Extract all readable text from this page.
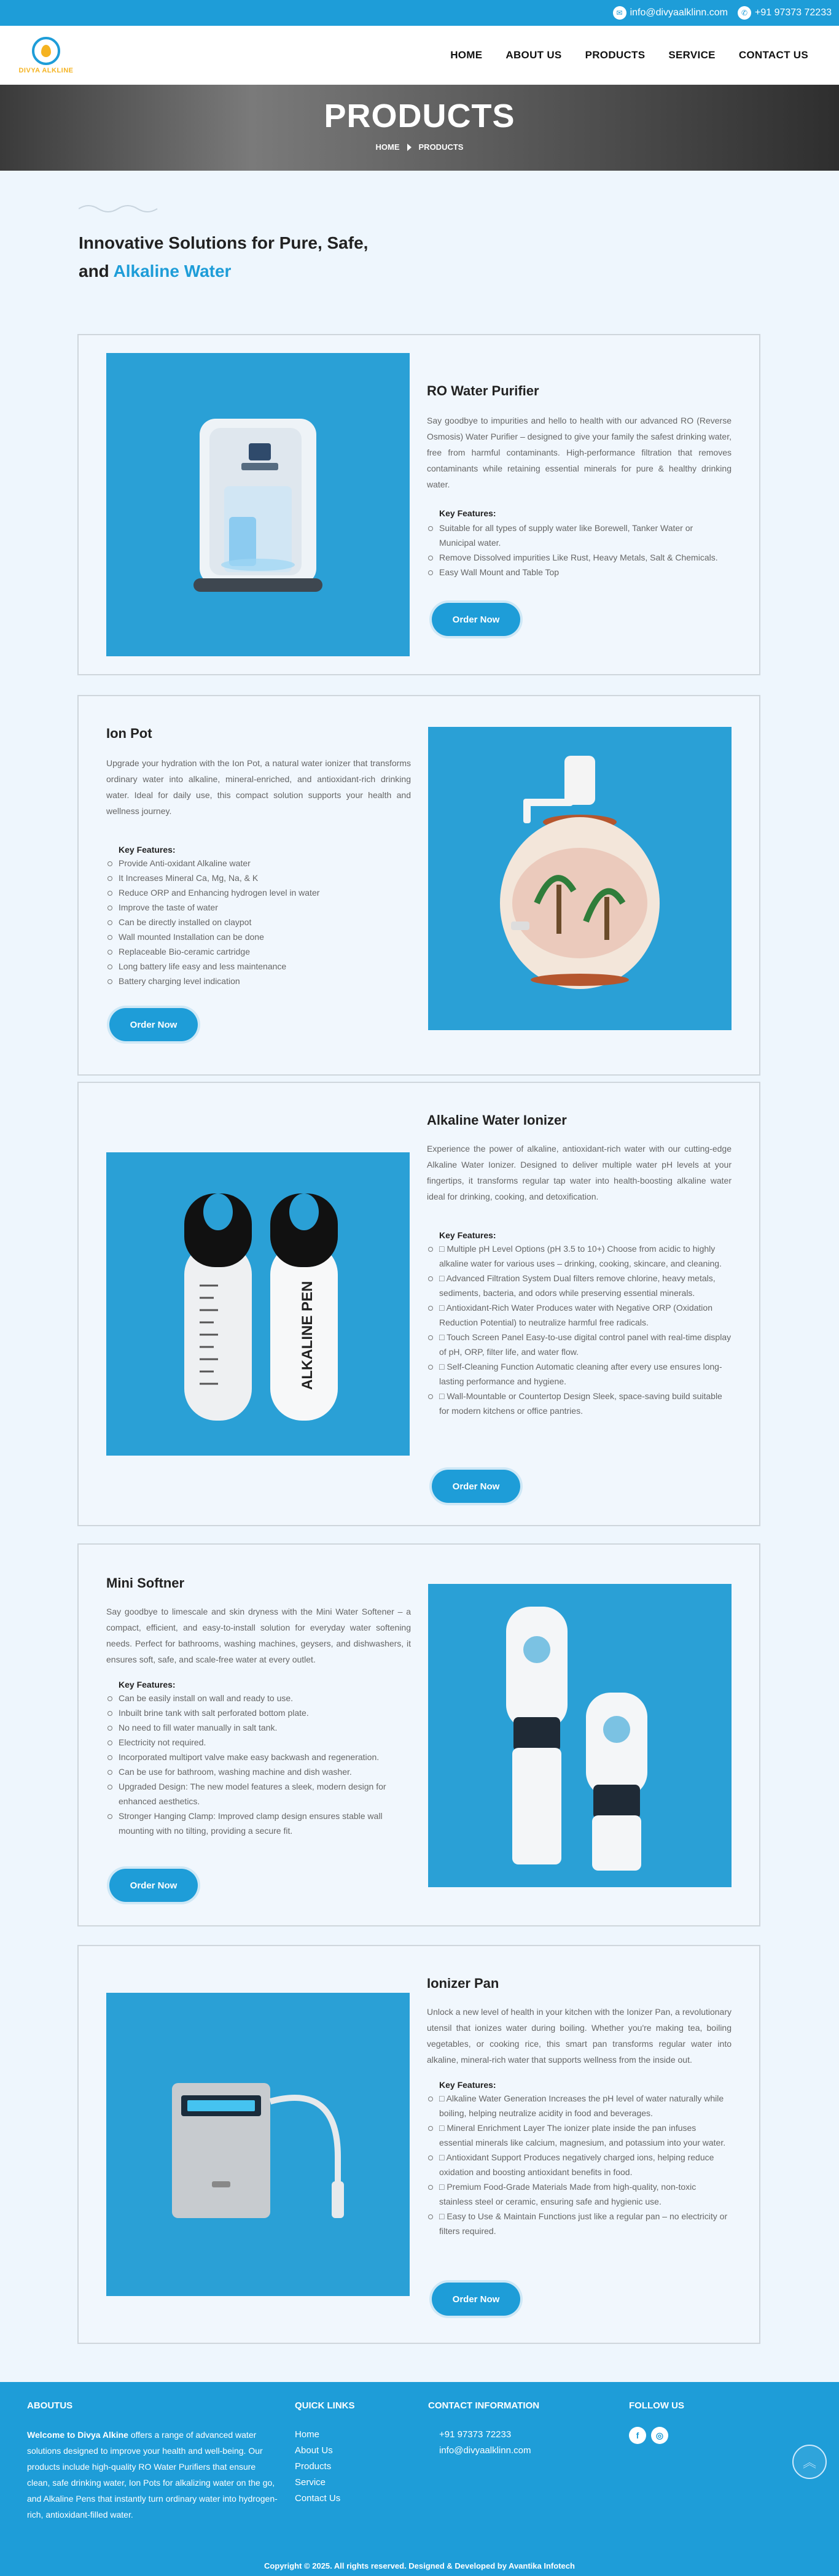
✉ info@divyaalklinn.com	✆ +91 97373 72233
DIVYA ALKLINE
HOME ABOUT US PRODUCTS SERVICE CONTACT US
PRODUCTS
HOME PRODUCTS
Innovative Solutions for Pure, Safe,
and Alkaline Water
RO Water Purifier
Say goodbye to impurities and hello to health with our advanced RO (Reverse Osmosis) Water Purifier – designed to give your family the safest drinking water, free from harmful contaminants. High-performance filtration that removes contaminants while retaining essential minerals for pure & healthy drinking water.
Key Features:
Suitable for all types of supply water like Borewell, Tanker Water or Municipal water.
Remove Dissolved impurities Like Rust, Heavy Metals, Salt & Chemicals.
Easy Wall Mount and Table Top
Order Now
Ion Pot
Upgrade your hydration with the Ion Pot, a natural water ionizer that transforms ordinary water into alkaline, mineral-enriched, and antioxidant-rich drinking water. Ideal for daily use, this compact solution supports your health and wellness journey.
Key Features:
Provide Anti-oxidant Alkaline water
It Increases Mineral Ca, Mg, Na, & K
Reduce ORP and Enhancing hydrogen level in water
Improve the taste of water
Can be directly installed on claypot
Wall mounted Installation can be done
Replaceable Bio-ceramic cartridge
Long battery life easy and less maintenance
Battery charging level indication
Order Now
ALKALINE PEN
Alkaline Water Ionizer
Experience the power of alkaline, antioxidant-rich water with our cutting-edge Alkaline Water Ionizer. Designed to deliver multiple water pH levels at your fingertips, it transforms regular tap water into health-boosting alkaline water ideal for drinking, cooking, and detoxification.
Key Features:
□ Multiple pH Level Options (pH 3.5 to 10+) Choose from acidic to highly alkaline water for various uses – drinking, cooking, skincare, and cleaning.
□ Advanced Filtration System Dual filters remove chlorine, heavy metals, sediments, bacteria, and odors while preserving essential minerals.
□ Antioxidant-Rich Water Produces water with Negative ORP (Oxidation Reduction Potential) to neutralize harmful free radicals.
□ Touch Screen Panel Easy-to-use digital control panel with real-time display of pH, ORP, filter life, and water flow.
□ Self-Cleaning Function Automatic cleaning after every use ensures long-lasting performance and hygiene.
□ Wall-Mountable or Countertop Design Sleek, space-saving build suitable for modern kitchens or office pantries.
Order Now
Mini Softner
Say goodbye to limescale and skin dryness with the Mini Water Softener – a compact, efficient, and easy-to-install solution for everyday water softening needs. Perfect for bathrooms, washing machines, geysers, and dishwashers, it ensures soft, safe, and scale-free water at every outlet.
Key Features:
Can be easily install on wall and ready to use.
Inbuilt brine tank with salt perforated bottom plate.
No need to fill water manually in salt tank.
Electricity not required.
Incorporated multiport valve make easy backwash and regeneration.
Can be use for bathroom, washing machine and dish washer.
Upgraded Design: The new model features a sleek, modern design for enhanced aesthetics.
Stronger Hanging Clamp: Improved clamp design ensures stable wall mounting with no tilting, providing a secure fit.
Order Now
Ionizer Pan
Unlock a new level of health in your kitchen with the Ionizer Pan, a revolutionary utensil that ionizes water during boiling. Whether you're making tea, boiling vegetables, or cooking rice, this smart pan transforms regular water into alkaline, mineral-rich water that supports wellness from the inside out.
Key Features:
□ Alkaline Water Generation Increases the pH level of water naturally while boiling, helping neutralize acidity in food and beverages.
□ Mineral Enrichment Layer The ionizer plate inside the pan infuses essential minerals like calcium, magnesium, and potassium into your water.
□ Antioxidant Support Produces negatively charged ions, helping reduce oxidation and boosting antioxidant benefits in food.
□ Premium Food-Grade Materials Made from high-quality, non-toxic stainless steel or ceramic, ensuring safe and hygienic use.
□ Easy to Use & Maintain Functions just like a regular pan – no electricity or filters required.
Order Now
ABOUTUS
Welcome to Divya Alkine offers a range of advanced water solutions designed to improve your health and well-being. Our products include high-quality RO Water Purifiers that ensure clean, safe drinking water, Ion Pots for alkalizing water on the go, and Alkaline Pens that instantly turn ordinary water into hydrogen-rich, antioxidant-filled water.
QUICK LINKS
Home
About Us
Products
Service
Contact Us
CONTACT INFORMATION
+91 97373 72233
info@divyaalklinn.com
FOLLOW US
f	◎
Copyright © 2025. All rights reserved. Designed & Developed by Avantika Infotech
︽
